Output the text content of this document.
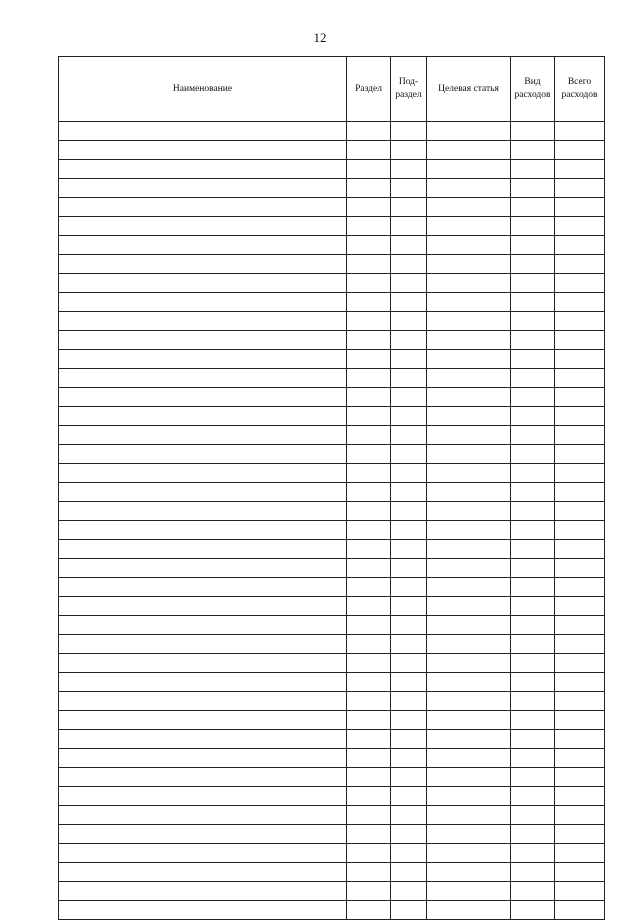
12
Наименование	Раздел	Под-раздел	Целевая статья	Вид расходов	Всего расходов
